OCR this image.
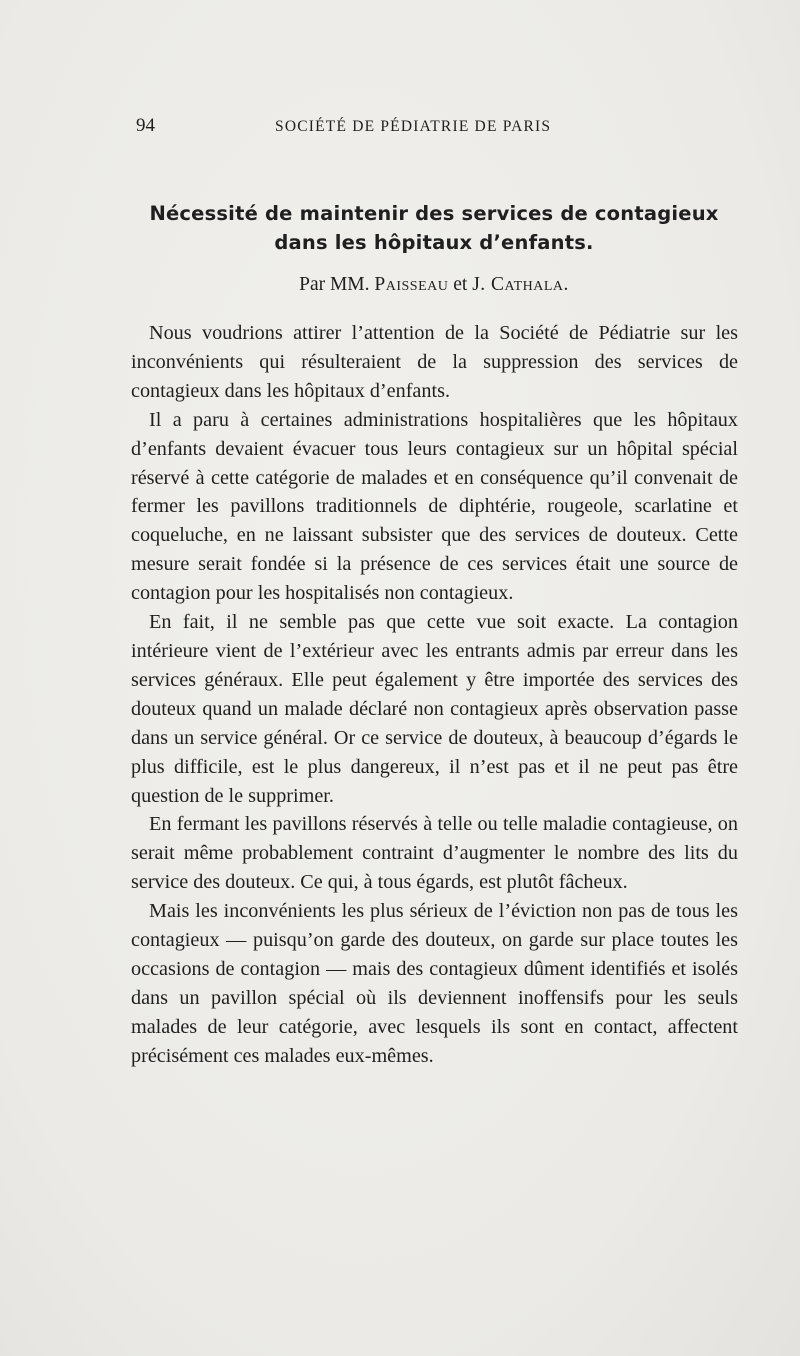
94	SOCIÉTÉ DE PÉDIATRIE DE PARIS
Nécessité de maintenir des services de contagieux
dans les hôpitaux d’enfants.
Par MM. Paisseau et J. Cathala.

Nous voudrions attirer l’attention de la Société de Pédiatrie sur les inconvénients qui résulteraient de la suppression des services de contagieux dans les hôpitaux d’enfants.

Il a paru à certaines administrations hospitalières que les hôpitaux d’enfants devaient évacuer tous leurs contagieux sur un hôpital spécial réservé à cette catégorie de malades et en conséquence qu’il convenait de fermer les pavillons traditionnels de diphtérie, rougeole, scarlatine et coqueluche, en ne laissant subsister que des services de douteux. Cette mesure serait fondée si la présence de ces services était une source de contagion pour les hospitalisés non contagieux.

En fait, il ne semble pas que cette vue soit exacte. La contagion intérieure vient de l’extérieur avec les entrants admis par erreur dans les services généraux. Elle peut également y être importée des services des douteux quand un malade déclaré non contagieux après observation passe dans un service général. Or ce service de douteux, à beaucoup d’égards le plus difficile, est le plus dangereux, il n’est pas et il ne peut pas être question de le supprimer.

En fermant les pavillons réservés à telle ou telle maladie contagieuse, on serait même probablement contraint d’augmenter le nombre des lits du service des douteux. Ce qui, à tous égards, est plutôt fâcheux.

Mais les inconvénients les plus sérieux de l’éviction non pas de tous les contagieux — puisqu’on garde des douteux, on garde sur place toutes les occasions de contagion — mais des contagieux dûment identifiés et isolés dans un pavillon spécial où ils deviennent inoffensifs pour les seuls malades de leur catégorie, avec lesquels ils sont en contact, affectent précisément ces malades eux-mêmes.
